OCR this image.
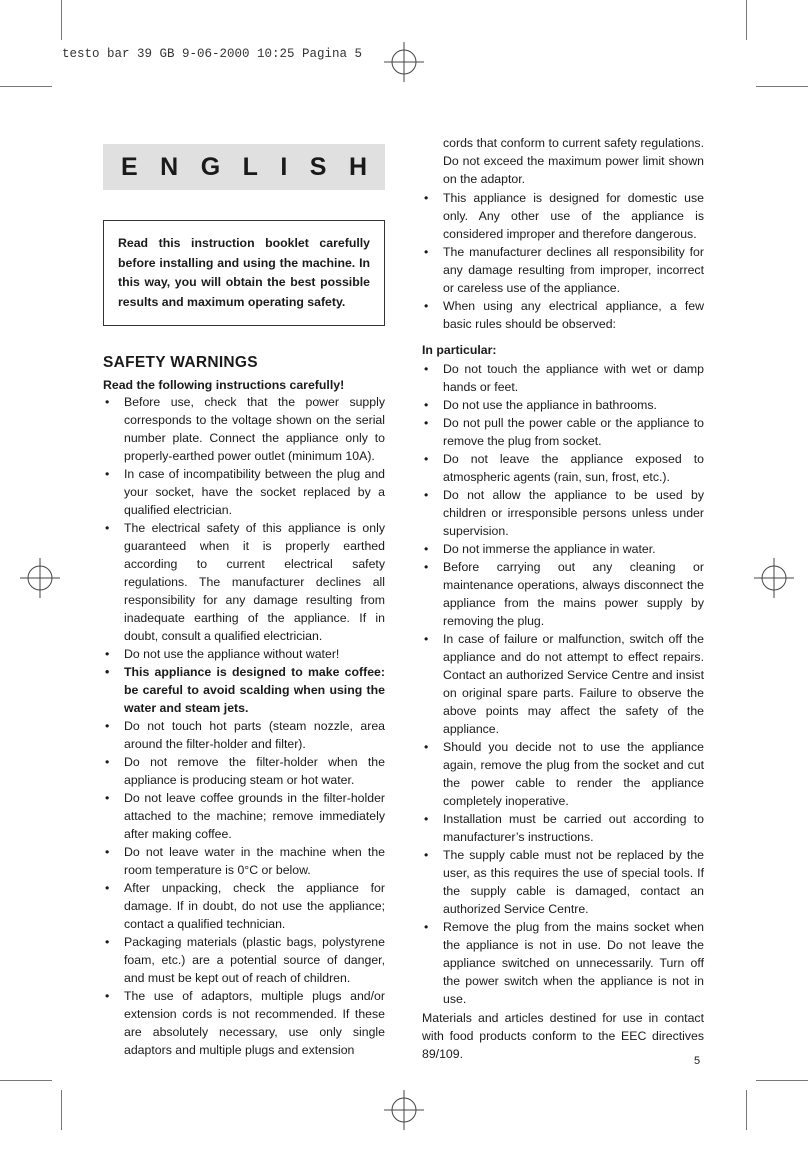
testo bar 39 GB 9-06-2000 10:25 Pagina 5
E N G L I S H
Read this instruction booklet carefully before installing and using the machine. In this way, you will obtain the best possible results and maximum operating safety.
SAFETY WARNINGS
Read the following instructions carefully!
• Before use, check that the power supply corresponds to the voltage shown on the serial number plate. Connect the appliance only to properly-earthed power outlet (minimum 10A).
• In case of incompatibility between the plug and your socket, have the socket replaced by a qualified electrician.
• The electrical safety of this appliance is only guaranteed when it is properly earthed according to current electrical safety regulations. The manufacturer declines all responsibility for any damage resulting from inadequate earthing of the appliance. If in doubt, consult a qualified electrician.
• Do not use the appliance without water!
• This appliance is designed to make coffee: be careful to avoid scalding when using the water and steam jets.
• Do not touch hot parts (steam nozzle, area around the filter-holder and filter).
• Do not remove the filter-holder when the appliance is producing steam or hot water.
• Do not leave coffee grounds in the filter-holder attached to the machine; remove immediately after making coffee.
• Do not leave water in the machine when the room temperature is 0°C or below.
• After unpacking, check the appliance for damage. If in doubt, do not use the appliance; contact a qualified technician.
• Packaging materials (plastic bags, polystyrene foam, etc.) are a potential source of danger, and must be kept out of reach of children.
• The use of adaptors, multiple plugs and/or extension cords is not recommended. If these are absolutely necessary, use only single adaptors and multiple plugs and extension
cords that conform to current safety regulations. Do not exceed the maximum power limit shown on the adaptor.
• This appliance is designed for domestic use only. Any other use of the appliance is considered improper and therefore dangerous.
• The manufacturer declines all responsibility for any damage resulting from improper, incorrect or careless use of the appliance.
• When using any electrical appliance, a few basic rules should be observed:
In particular:
• Do not touch the appliance with wet or damp hands or feet.
• Do not use the appliance in bathrooms.
• Do not pull the power cable or the appliance to remove the plug from socket.
• Do not leave the appliance exposed to atmospheric agents (rain, sun, frost, etc.).
• Do not allow the appliance to be used by children or irresponsible persons unless under supervision.
• Do not immerse the appliance in water.
• Before carrying out any cleaning or maintenance operations, always disconnect the appliance from the mains power supply by removing the plug.
• In case of failure or malfunction, switch off the appliance and do not attempt to effect repairs. Contact an authorized Service Centre and insist on original spare parts. Failure to observe the above points may affect the safety of the appliance.
• Should you decide not to use the appliance again, remove the plug from the socket and cut the power cable to render the appliance completely inoperative.
• Installation must be carried out according to manufacturer’s instructions.
• The supply cable must not be replaced by the user, as this requires the use of special tools. If the supply cable is damaged, contact an authorized Service Centre.
• Remove the plug from the mains socket when the appliance is not in use. Do not leave the appliance switched on unnecessarily. Turn off the power switch when the appliance is not in use.
Materials and articles destined for use in contact with food products conform to the EEC directives 89/109.	5
